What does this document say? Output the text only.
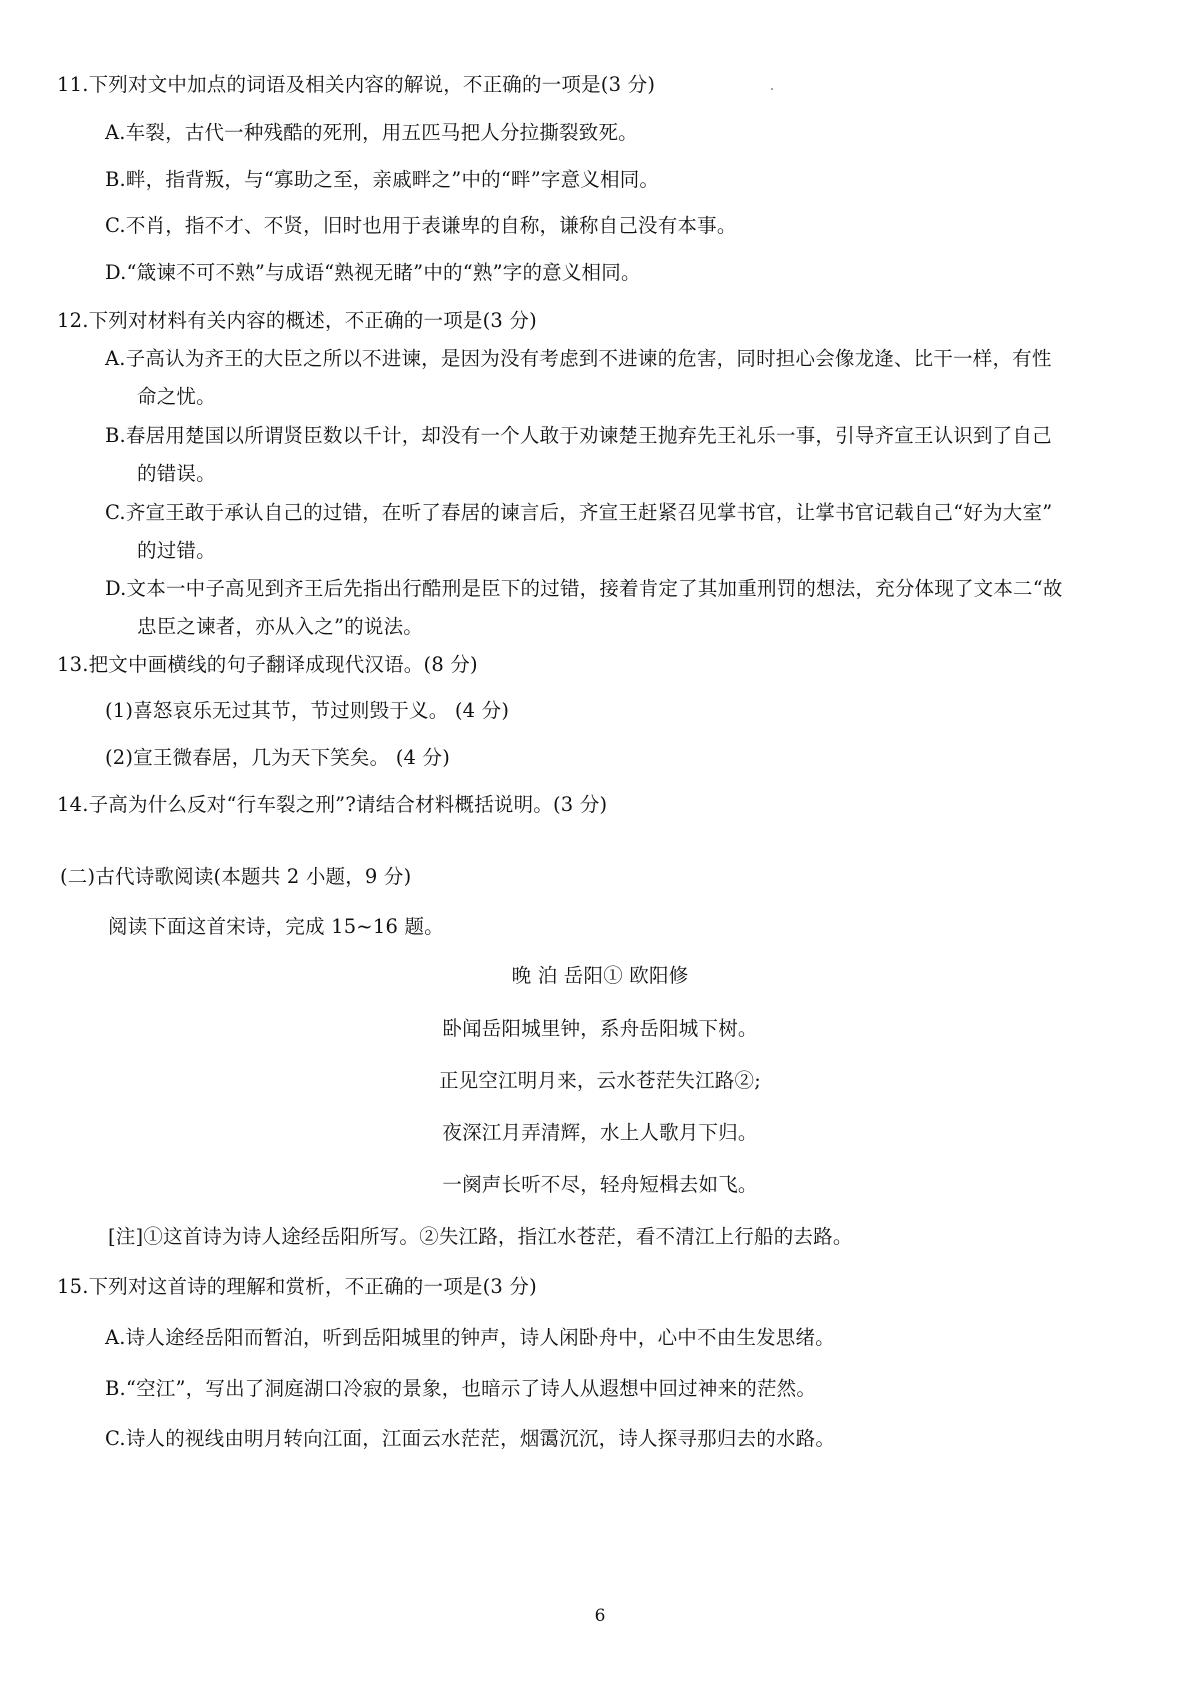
11.下列对文中加点的词语及相关内容的解说，不正确的一项是(3 分)
A.车裂，古代一种残酷的死刑，用五匹马把人分拉撕裂致死。
B.畔，指背叛，与“寡助之至，亲戚畔之”中的“畔”字意义相同。
C.不肖，指不才、不贤，旧时也用于表谦卑的自称，谦称自己没有本事。
D.“箴谏不可不熟”与成语“熟视无睹”中的“熟”字的意义相同。
12.下列对材料有关内容的概述，不正确的一项是(3 分)
A.子高认为齐王的大臣之所以不进谏，是因为没有考虑到不进谏的危害，同时担心会像龙逄、比干一样，有性
命之忧。
B.春居用楚国以所谓贤臣数以千计，却没有一个人敢于劝谏楚王抛弃先王礼乐一事，引导齐宣王认识到了自己
的错误。
C.齐宣王敢于承认自己的过错，在听了春居的谏言后，齐宣王赶紧召见掌书官，让掌书官记载自己“好为大室”
的过错。
D.文本一中子高见到齐王后先指出行酷刑是臣下的过错，接着肯定了其加重刑罚的想法，充分体现了文本二“故
忠臣之谏者，亦从入之”的说法。
13.把文中画横线的句子翻译成现代汉语。(8 分)
(1)喜怒哀乐无过其节，节过则毁于义。 (4 分)
(2)宣王微春居，几为天下笑矣。 (4 分)
14.子高为什么反对“行车裂之刑”?请结合材料概括说明。(3 分)
(二)古代诗歌阅读(本题共 2 小题，9 分)
阅读下面这首宋诗，完成 15~16 题。
晚 泊 岳阳① 欧阳修
卧闻岳阳城里钟，系舟岳阳城下树。
正见空江明月来，云水苍茫失江路②;
夜深江月弄清辉，水上人歌月下归。
一阕声长听不尽，轻舟短楫去如飞。
[注]①这首诗为诗人途经岳阳所写。②失江路，指江水苍茫，看不清江上行船的去路。
15.下列对这首诗的理解和赏析，不正确的一项是(3 分)
A.诗人途经岳阳而暂泊，听到岳阳城里的钟声，诗人闲卧舟中，心中不由生发思绪。
B.“空江”，写出了洞庭湖口冷寂的景象，也暗示了诗人从遐想中回过神来的茫然。
C.诗人的视线由明月转向江面，江面云水茫茫，烟霭沉沉，诗人探寻那归去的水路。
6
